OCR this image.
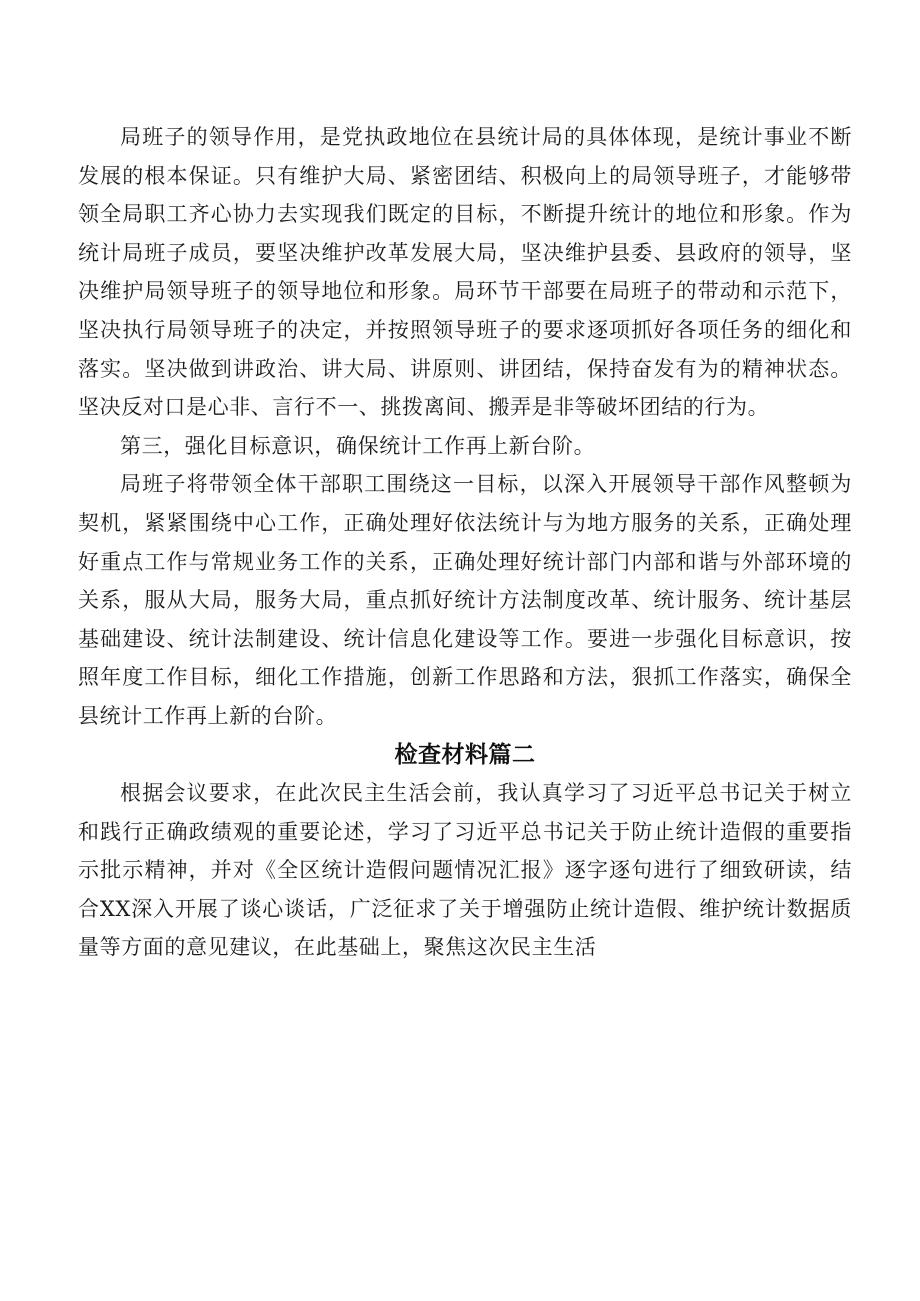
局班子的领导作用，是党执政地位在县统计局的具体体现，是统计事业不断发展的根本保证。只有维护大局、紧密团结、积极向上的局领导班子，才能够带领全局职工齐心协力去实现我们既定的目标，不断提升统计的地位和形象。作为统计局班子成员，要坚决维护改革发展大局，坚决维护县委、县政府的领导，坚决维护局领导班子的领导地位和形象。局环节干部要在局班子的带动和示范下，坚决执行局领导班子的决定，并按照领导班子的要求逐项抓好各项任务的细化和落实。坚决做到讲政治、讲大局、讲原则、讲团结，保持奋发有为的精神状态。坚决反对口是心非、言行不一、挑拨离间、搬弄是非等破坏团结的行为。

第三，强化目标意识，确保统计工作再上新台阶。

局班子将带领全体干部职工围绕这一目标，以深入开展领导干部作风整顿为契机，紧紧围绕中心工作，正确处理好依法统计与为地方服务的关系，正确处理好重点工作与常规业务工作的关系，正确处理好统计部门内部和谐与外部环境的关系，服从大局，服务大局，重点抓好统计方法制度改革、统计服务、统计基层基础建设、统计法制建设、统计信息化建设等工作。要进一步强化目标意识，按照年度工作目标，细化工作措施，创新工作思路和方法，狠抓工作落实，确保全县统计工作再上新的台阶。

检查材料篇二

根据会议要求，在此次民主生活会前，我认真学习了习近平总书记关于树立和践行正确政绩观的重要论述，学习了习近平总书记关于防止统计造假的重要指示批示精神，并对《全区统计造假问题情况汇报》逐字逐句进行了细致研读，结合XX深入开展了谈心谈话，广泛征求了关于增强防止统计造假、维护统计数据质量等方面的意见建议，在此基础上，聚焦这次民主生活
